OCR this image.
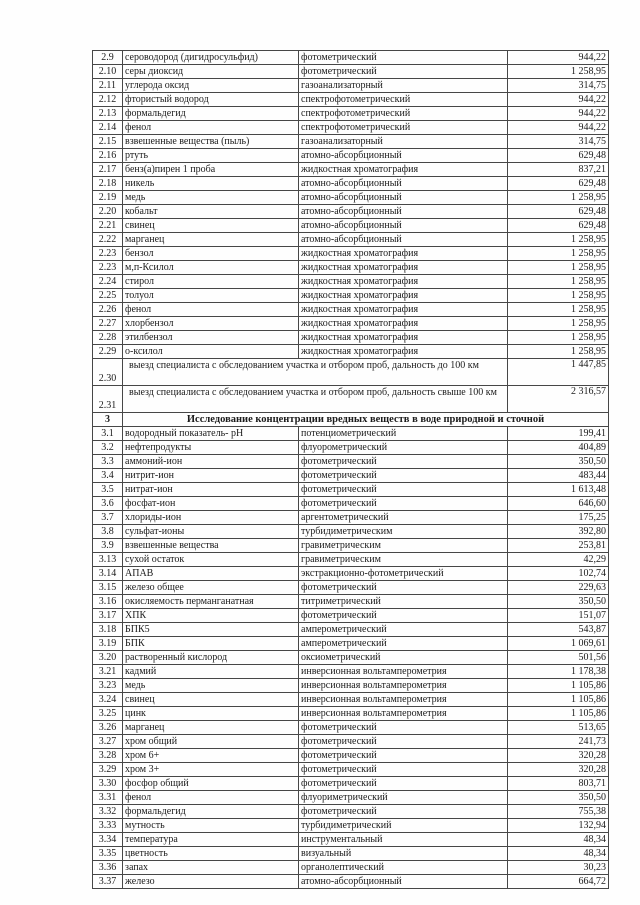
2.9	сероводород (дигидросульфид)	фотометрический	944,22
2.10	серы диоксид	фотометрический	1 258,95
2.11	углерода оксид	газоанализаторный	314,75
2.12	фтористый водород	спектрофотометрический	944,22
2.13	формальдегид	спектрофотометрический	944,22
2.14	фенол	спектрофотометрический	944,22
2.15	взвешенные вещества (пыль)	газоанализаторный	314,75
2.16	ртуть	атомно-абсорбционный	629,48
2.17	бенз(а)пирен 1 проба	жидкостная хроматография	837,21
2.18	никель	атомно-абсорбционный	629,48
2.19	медь	атомно-абсорбционный	1 258,95
2.20	кобальт	атомно-абсорбционный	629,48
2.21	свинец	атомно-абсорбционный	629,48
2.22	марганец	атомно-абсорбционный	1 258,95
2.23	бензол	жидкостная хроматография	1 258,95
2.23	м,п-Ксилол	жидкостная хроматография	1 258,95
2.24	стирол	жидкостная хроматография	1 258,95
2.25	толуол	жидкостная хроматография	1 258,95
2.26	фенол	жидкостная хроматография	1 258,95
2.27	хлорбензол	жидкостная хроматография	1 258,95
2.28	этилбензол	жидкостная хроматография	1 258,95
2.29	о-ксилол	жидкостная хроматография	1 258,95
2.30	выезд специалиста с обследованием участка и отбором проб, дальность до 100 км		1 447,85
2.31	выезд специалиста с обследованием участка и отбором проб, дальность свыше 100 км		2 316,57
3	Исследование концентрации вредных веществ в воде природной и сточной		
3.1	водородный показатель- pH	потенциометрический	199,41
3.2	нефтепродукты	флуорометрический	404,89
3.3	аммоний-ион	фотометрический	350,50
3.4	нитрит-ион	фотометрический	483,44
3.5	нитрат-ион	фотометрический	1 613,48
3.6	фосфат-ион	фотометрический	646,60
3.7	хлориды-ион	аргентометрический	175,25
3.8	сульфат-ионы	турбидиметрическим	392,80
3.9	взвешенные вещества	гравиметрическим	253,81
3.13	сухой остаток	гравиметрическим	42,29
3.14	АПАВ	экстракционно-фотометрический	102,74
3.15	железо общее	фотометрический	229,63
3.16	окисляемость перманганатная	титриметрический	350,50
3.17	ХПК	фотометрический	151,07
3.18	БПК5	амперометрический	543,87
3.19	БПК	амперометрический	1 069,61
3.20	растворенный кислород	оксиометрический	501,56
3.21	кадмий	инверсионная вольтамперометрия	1 178,38
3.23	медь	инверсионная вольтамперометрия	1 105,86
3.24	свинец	инверсионная вольтамперометрия	1 105,86
3.25	цинк	инверсионная вольтамперометрия	1 105,86
3.26	марганец	фотометрический	513,65
3.27	хром общий	фотометрический	241,73
3.28	хром 6+	фотометрический	320,28
3.29	хром 3+	фотометрический	320,28
3.30	фосфор общий	фотометрический	803,71
3.31	фенол	флуориметрический	350,50
3.32	формальдегид	фотометрический	755,38
3.33	мутность	турбидиметрический	132,94
3.34	температура	инструментальный	48,34
3.35	цветность	визуальный	48,34
3.36	запах	органолептический	30,23
3.37	железо	атомно-абсорбционный	664,72
